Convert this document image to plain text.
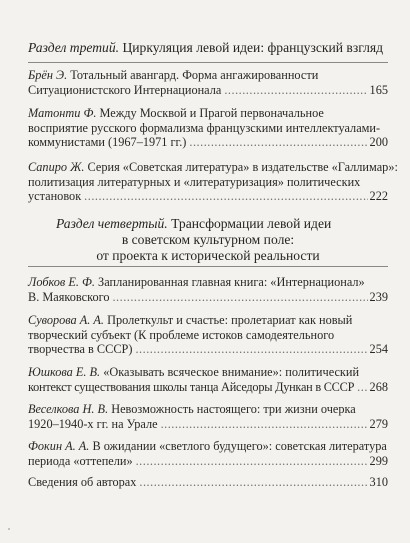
Раздел третий. Циркуляция левой идеи: французский взгляд
Брён Э. Тотальный авангард. Форма ангажированности
Ситуационистского Интернационала .....	165
Матонти Ф. Между Москвой и Прагой первоначальное
восприятие русского формализма французскими интеллектуалами-
коммунистами (1967–1971 гг.) .....	200
Сапиро Ж. Серия «Советская литература» в издательстве «Галлимар»:
политизация литературных и «литературизация» политических
установок .....	222
Раздел четвертый. Трансформации левой идеи
в советском культурном поле:
от проекта к исторической реальности
Лобков Е. Ф. Запланированная главная книга: «Интернационал»
В. Маяковского .....	239
Суворова А. А. Пролеткульт и счастье: пролетариат как новый
творческий субъект (К проблеме истоков самодеятельного
творчества в СССР) .....	254
Юшкова Е. В. «Оказывать всяческое внимание»: политический
контекст существования школы танца Айседоры Дункан в СССР ..... 268
Веселкова Н. В. Невозможность настоящего: три жизни очерка
1920–1940-х гг. на Урале .....	279
Фокин А. А. В ожидании «светлого будущего»: советская литература
периода «оттепели» .....	299
Сведения об авторах .....	310
